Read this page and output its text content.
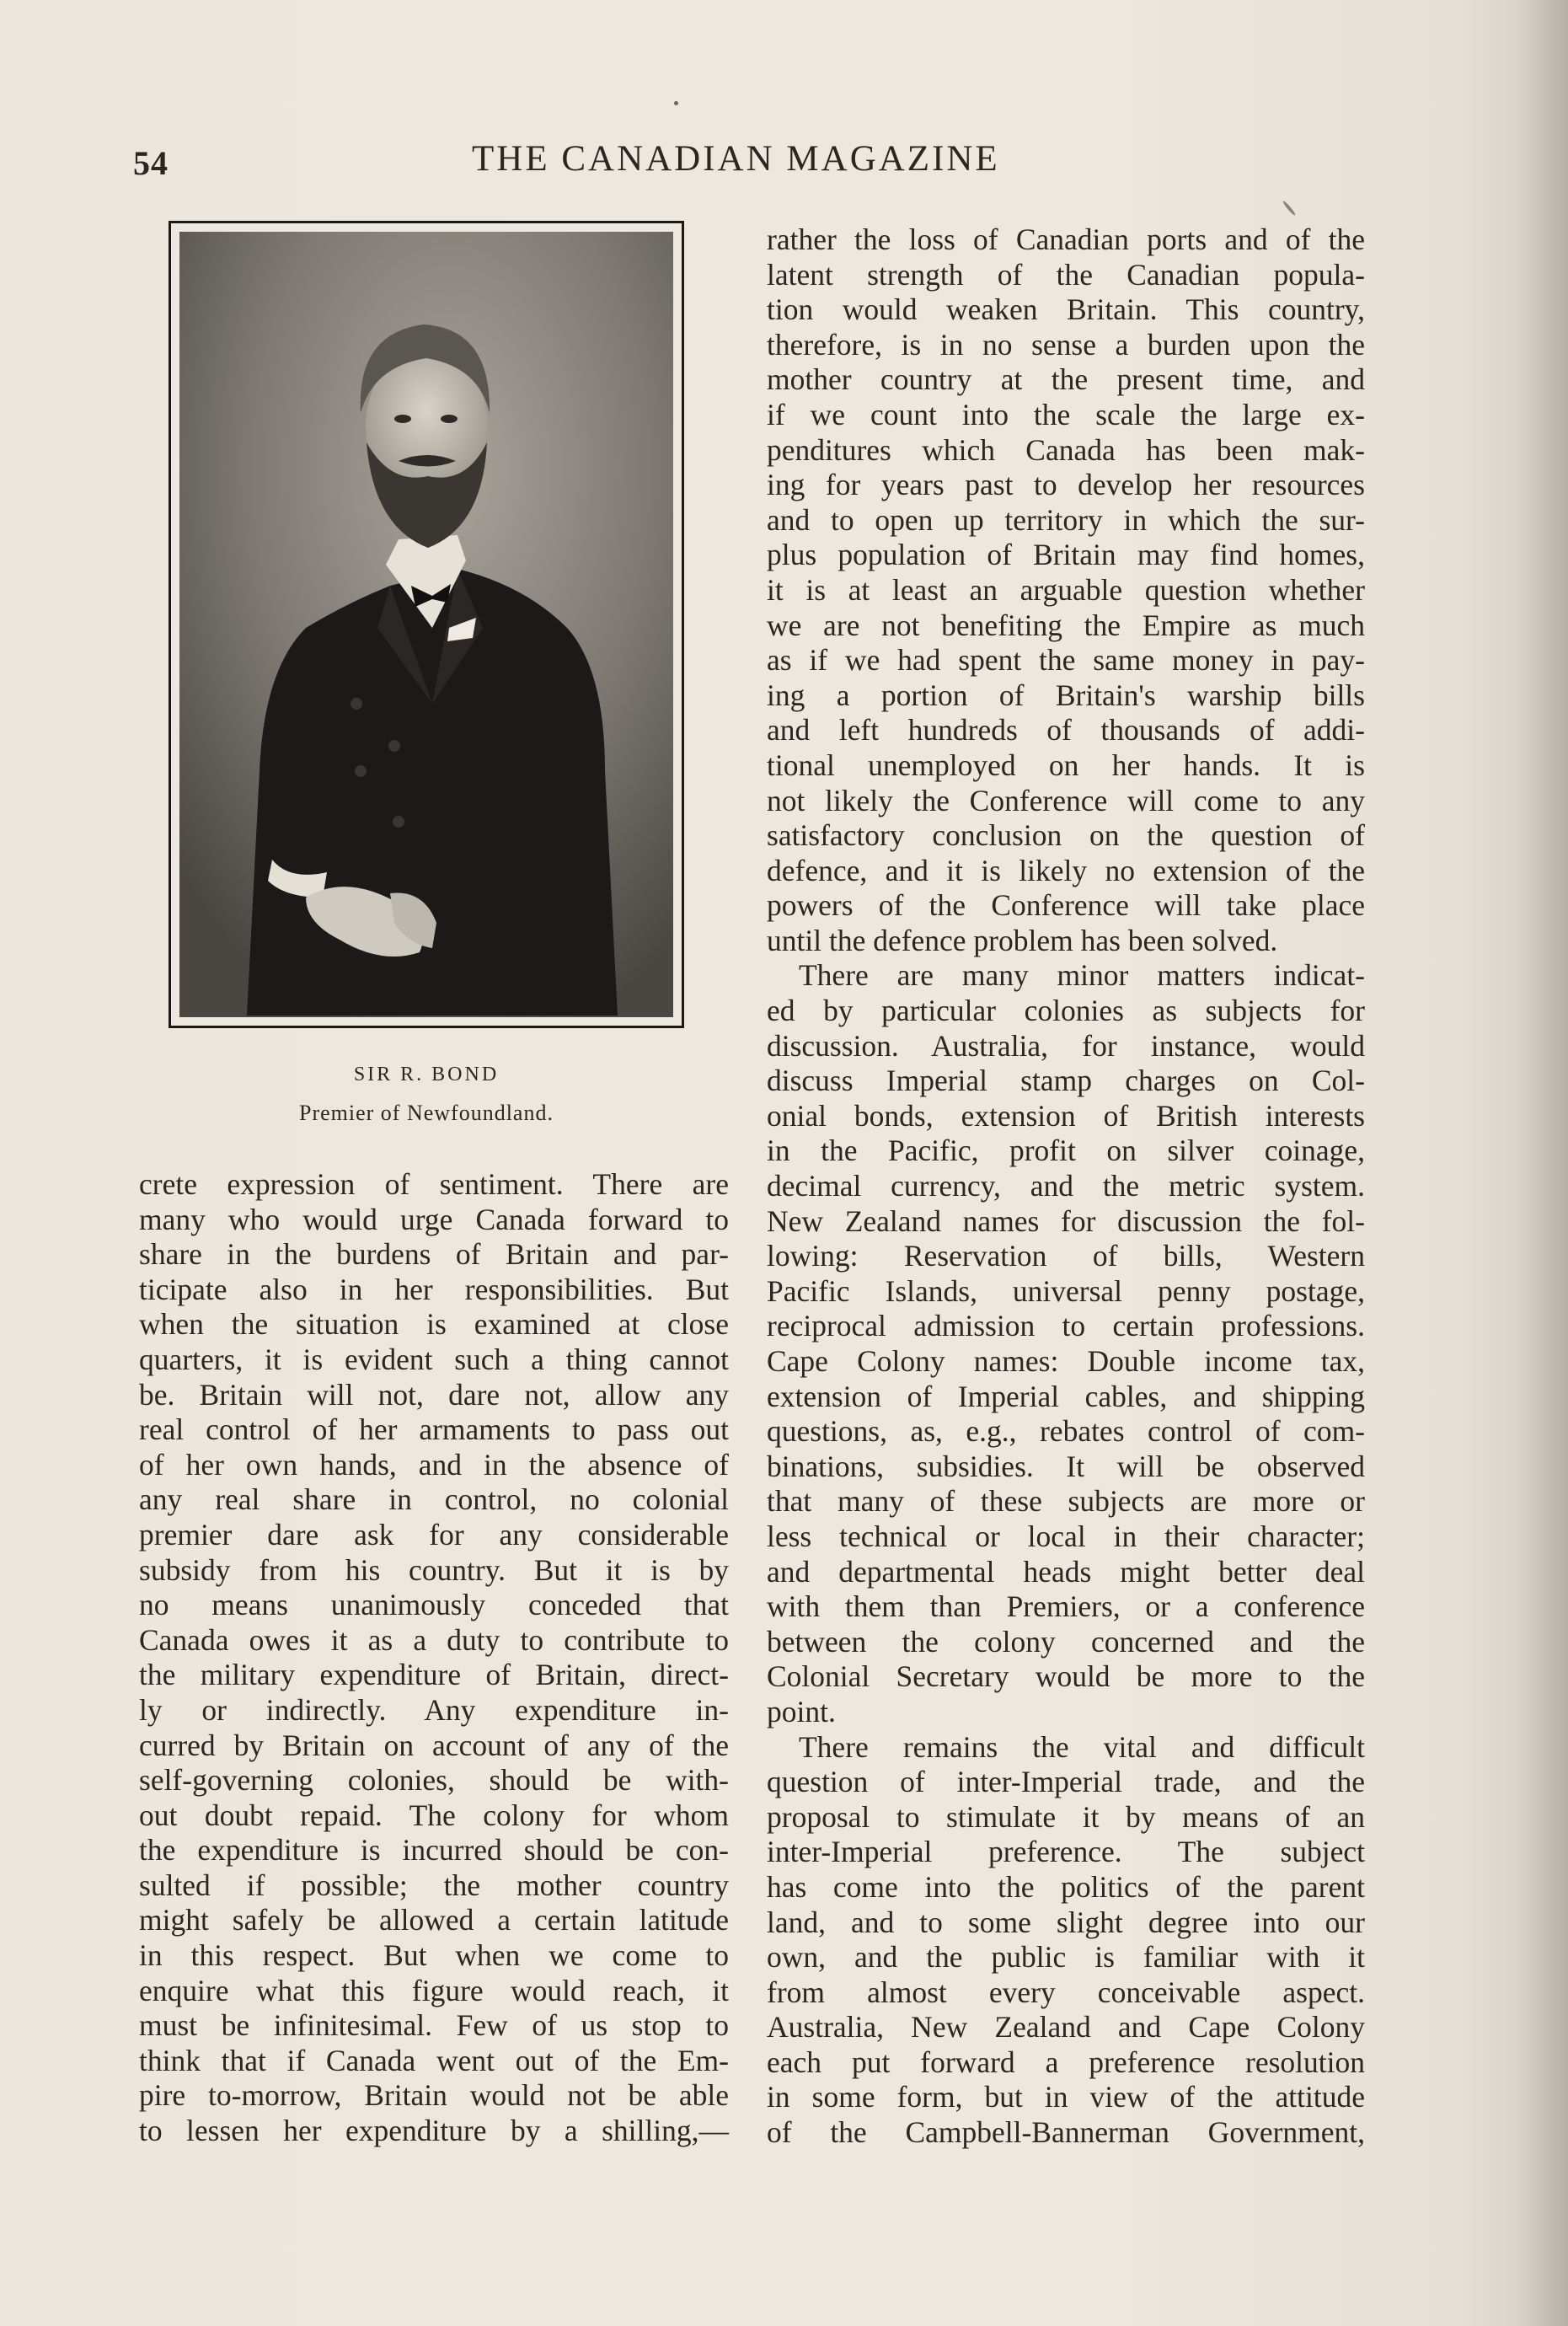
54	THE CANADIAN MAGAZINE
SIR R. BOND
Premier of Newfoundland.
crete expression of sentiment. There are
many who would urge Canada forward to
share in the burdens of Britain and par-
ticipate also in her responsibilities. But
when the situation is examined at close
quarters, it is evident such a thing cannot
be. Britain will not, dare not, allow any
real control of her armaments to pass out
of her own hands, and in the absence of
any real share in control, no colonial
premier dare ask for any considerable
subsidy from his country. But it is by
no means unanimously conceded that
Canada owes it as a duty to contribute to
the military expenditure of Britain, direct-
ly or indirectly. Any expenditure in-
curred by Britain on account of any of the
self-governing colonies, should be with-
out doubt repaid. The colony for whom
the expenditure is incurred should be con-
sulted if possible; the mother country
might safely be allowed a certain latitude
in this respect. But when we come to
enquire what this figure would reach, it
must be infinitesimal. Few of us stop to
think that if Canada went out of the Em-
pire to-morrow, Britain would not be able
to lessen her expenditure by a shilling,—
rather the loss of Canadian ports and of the
latent strength of the Canadian popula-
tion would weaken Britain. This country,
therefore, is in no sense a burden upon the
mother country at the present time, and
if we count into the scale the large ex-
penditures which Canada has been mak-
ing for years past to develop her resources
and to open up territory in which the sur-
plus population of Britain may find homes,
it is at least an arguable question whether
we are not benefiting the Empire as much
as if we had spent the same money in pay-
ing a portion of Britain's warship bills
and left hundreds of thousands of addi-
tional unemployed on her hands. It is
not likely the Conference will come to any
satisfactory conclusion on the question of
defence, and it is likely no extension of the
powers of the Conference will take place
until the defence problem has been solved.
There are many minor matters indicat-
ed by particular colonies as subjects for
discussion. Australia, for instance, would
discuss Imperial stamp charges on Col-
onial bonds, extension of British interests
in the Pacific, profit on silver coinage,
decimal currency, and the metric system.
New Zealand names for discussion the fol-
lowing: Reservation of bills, Western
Pacific Islands, universal penny postage,
reciprocal admission to certain professions.
Cape Colony names: Double income tax,
extension of Imperial cables, and shipping
questions, as, e.g., rebates control of com-
binations, subsidies. It will be observed
that many of these subjects are more or
less technical or local in their character;
and departmental heads might better deal
with them than Premiers, or a conference
between the colony concerned and the
Colonial Secretary would be more to the
point.
There remains the vital and difficult
question of inter-Imperial trade, and the
proposal to stimulate it by means of an
inter-Imperial preference. The subject
has come into the politics of the parent
land, and to some slight degree into our
own, and the public is familiar with it
from almost every conceivable aspect.
Australia, New Zealand and Cape Colony
each put forward a preference resolution
in some form, but in view of the attitude
of the Campbell-Bannerman Government,
